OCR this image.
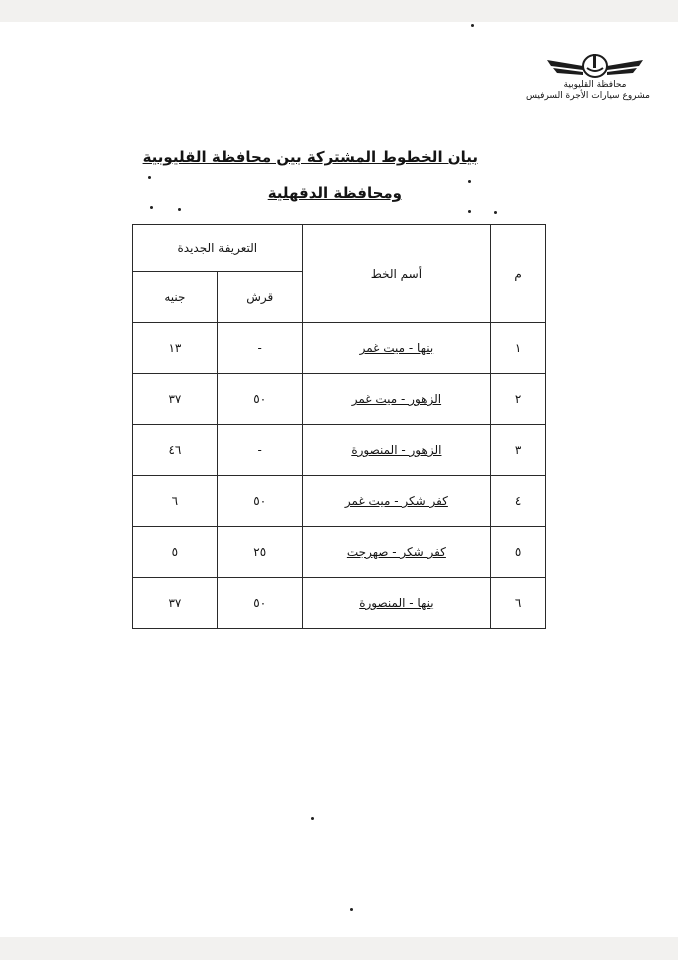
محافظة القليوبية
مشروع سيارات الأجرة السرفيس
بيان الخطوط المشتركة بين محافظة القليوبية
ومحافظة الدقهلية
م	أسم الخط	التعريفة الجديدة	
		قرش	جنيه
١	بنها - ميت غمر	-	١٣
٢	الزهور - ميت غمر	٥٠	٣٧
٣	الزهور - المنصورة	-	٤٦
٤	كفر شكر - ميت غمر	٥٠	٦
٥	كفر شكر - صهرجت	٢٥	٥
٦	بنها - المنصورة	٥٠	٣٧
